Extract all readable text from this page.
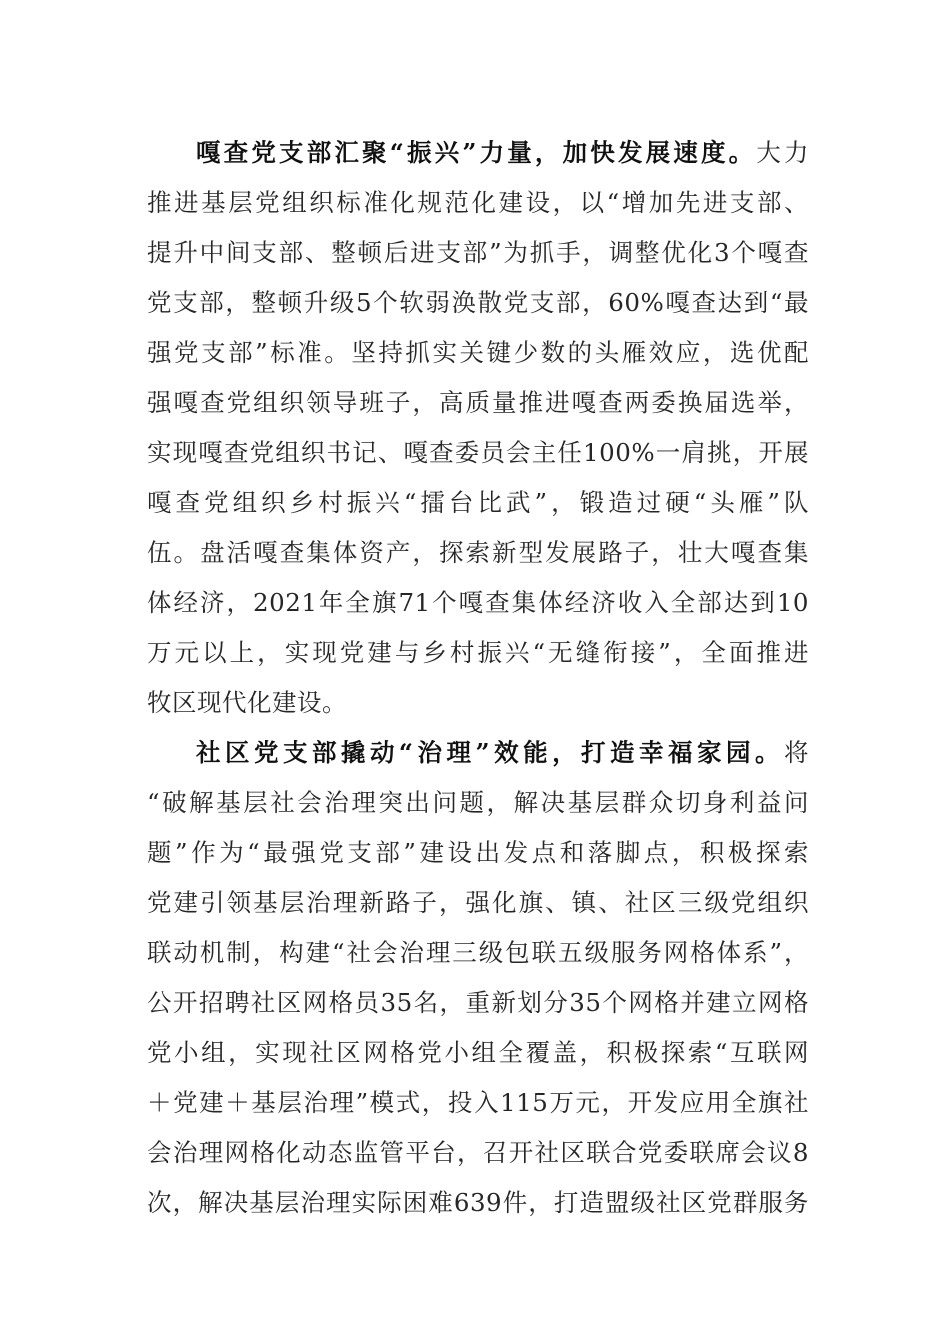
嘎查党支部汇聚“振兴”力量，加快发展速度。大力
推进基层党组织标准化规范化建设，以“增加先进支部、
提升中间支部、整顿后进支部”为抓手，调整优化3个嘎查
党支部，整顿升级5个软弱涣散党支部，60%嘎查达到“最
强党支部”标准。坚持抓实关键少数的头雁效应，选优配
强嘎查党组织领导班子，高质量推进嘎查两委换届选举，
实现嘎查党组织书记、嘎查委员会主任100%一肩挑，开展
嘎查党组织乡村振兴“擂台比武”，锻造过硬“头雁”队
伍。盘活嘎查集体资产，探索新型发展路子，壮大嘎查集
体经济，2021年全旗71个嘎查集体经济收入全部达到10
万元以上，实现党建与乡村振兴“无缝衔接”，全面推进
牧区现代化建设。
社区党支部撬动“治理”效能，打造幸福家园。将
“破解基层社会治理突出问题，解决基层群众切身利益问
题”作为“最强党支部”建设出发点和落脚点，积极探索
党建引领基层治理新路子，强化旗、镇、社区三级党组织
联动机制，构建“社会治理三级包联五级服务网格体系”，
公开招聘社区网格员35名，重新划分35个网格并建立网格
党小组，实现社区网格党小组全覆盖，积极探索“互联网
＋党建＋基层治理”模式，投入115万元，开发应用全旗社
会治理网格化动态监管平台，召开社区联合党委联席会议8
次，解决基层治理实际困难639件，打造盟级社区党群服务
